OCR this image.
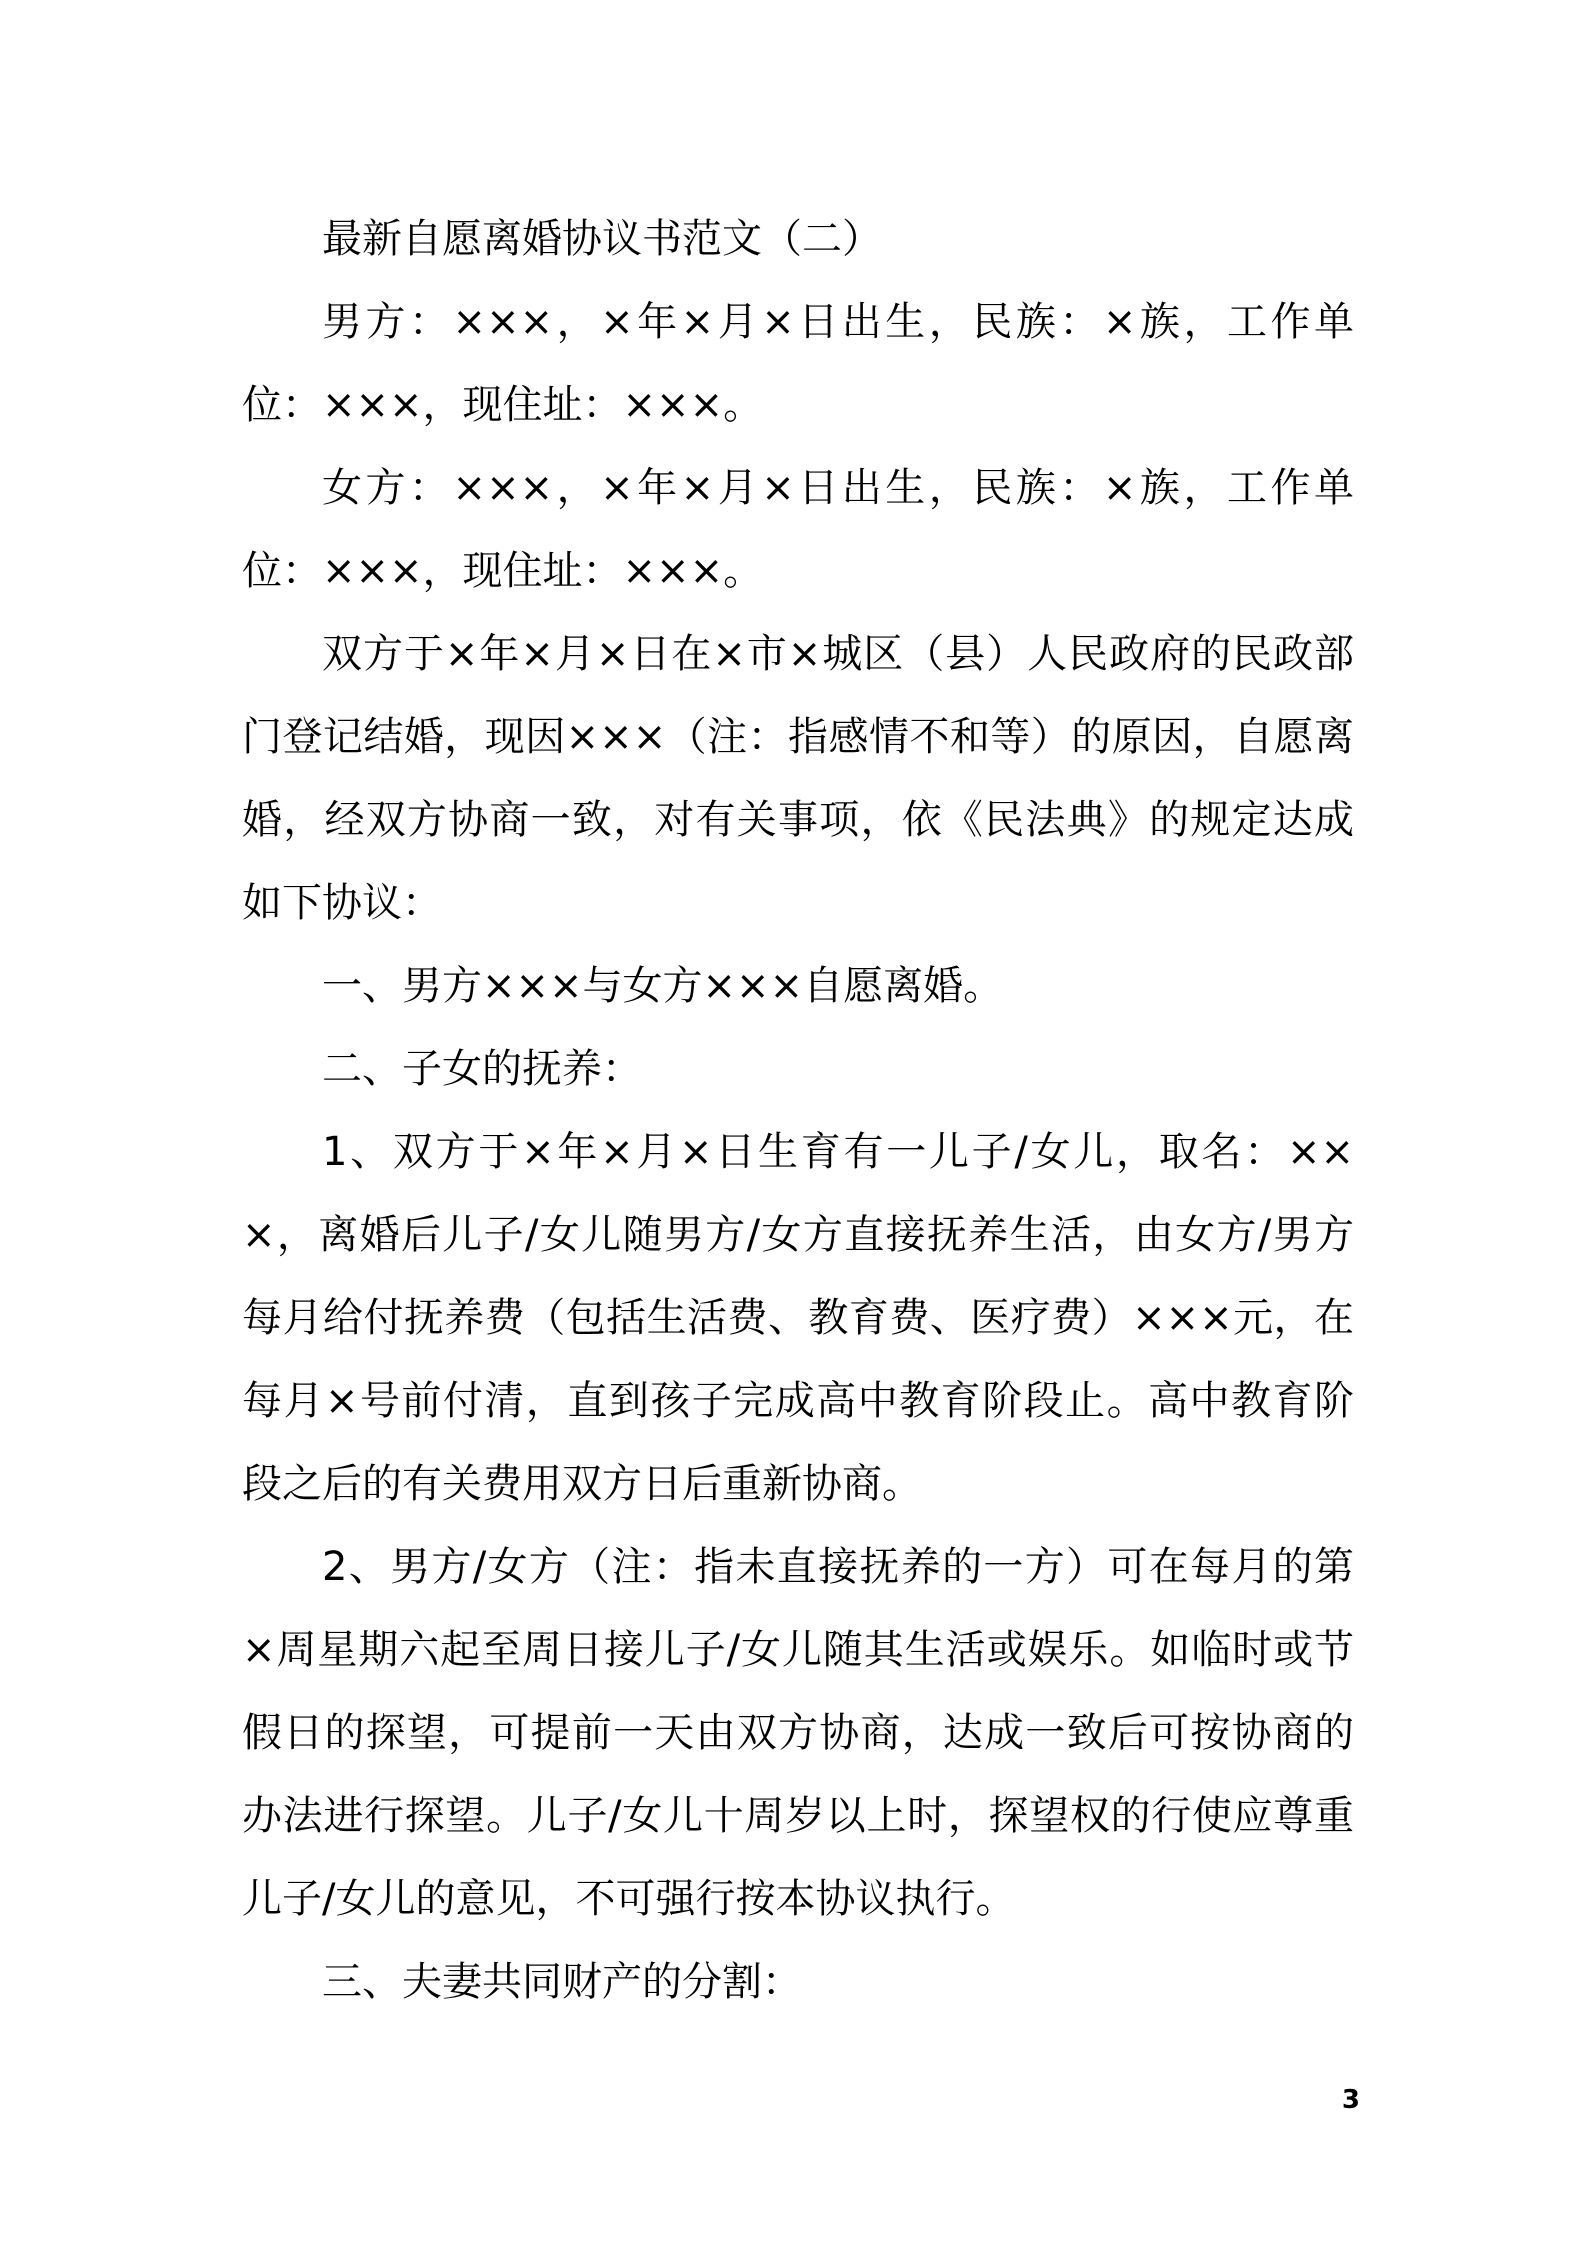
最新自愿离婚协议书范文（二）

男方：×××，×年×月×日出生，民族：×族，工作单位：×××，现住址：×××。

女方：×××，×年×月×日出生，民族：×族，工作单位：×××，现住址：×××。

双方于×年×月×日在×市×城区（县）人民政府的民政部门登记结婚，现因×××（注：指感情不和等）的原因，自愿离婚，经双方协商一致，对有关事项，依《民法典》的规定达成如下协议：

一、男方×××与女方×××自愿离婚。

二、子女的抚养：

1、双方于×年×月×日生育有一儿子/女儿，取名：×××，离婚后儿子/女儿随男方/女方直接抚养生活，由女方/男方每月给付抚养费（包括生活费、教育费、医疗费）×××元，在每月×号前付清，直到孩子完成高中教育阶段止。高中教育阶段之后的有关费用双方日后重新协商。

2、男方/女方（注：指未直接抚养的一方）可在每月的第×周星期六起至周日接儿子/女儿随其生活或娱乐。如临时或节假日的探望，可提前一天由双方协商，达成一致后可按协商的办法进行探望。儿子/女儿十周岁以上时，探望权的行使应尊重儿子/女儿的意见，不可强行按本协议执行。

三、夫妻共同财产的分割：

3
